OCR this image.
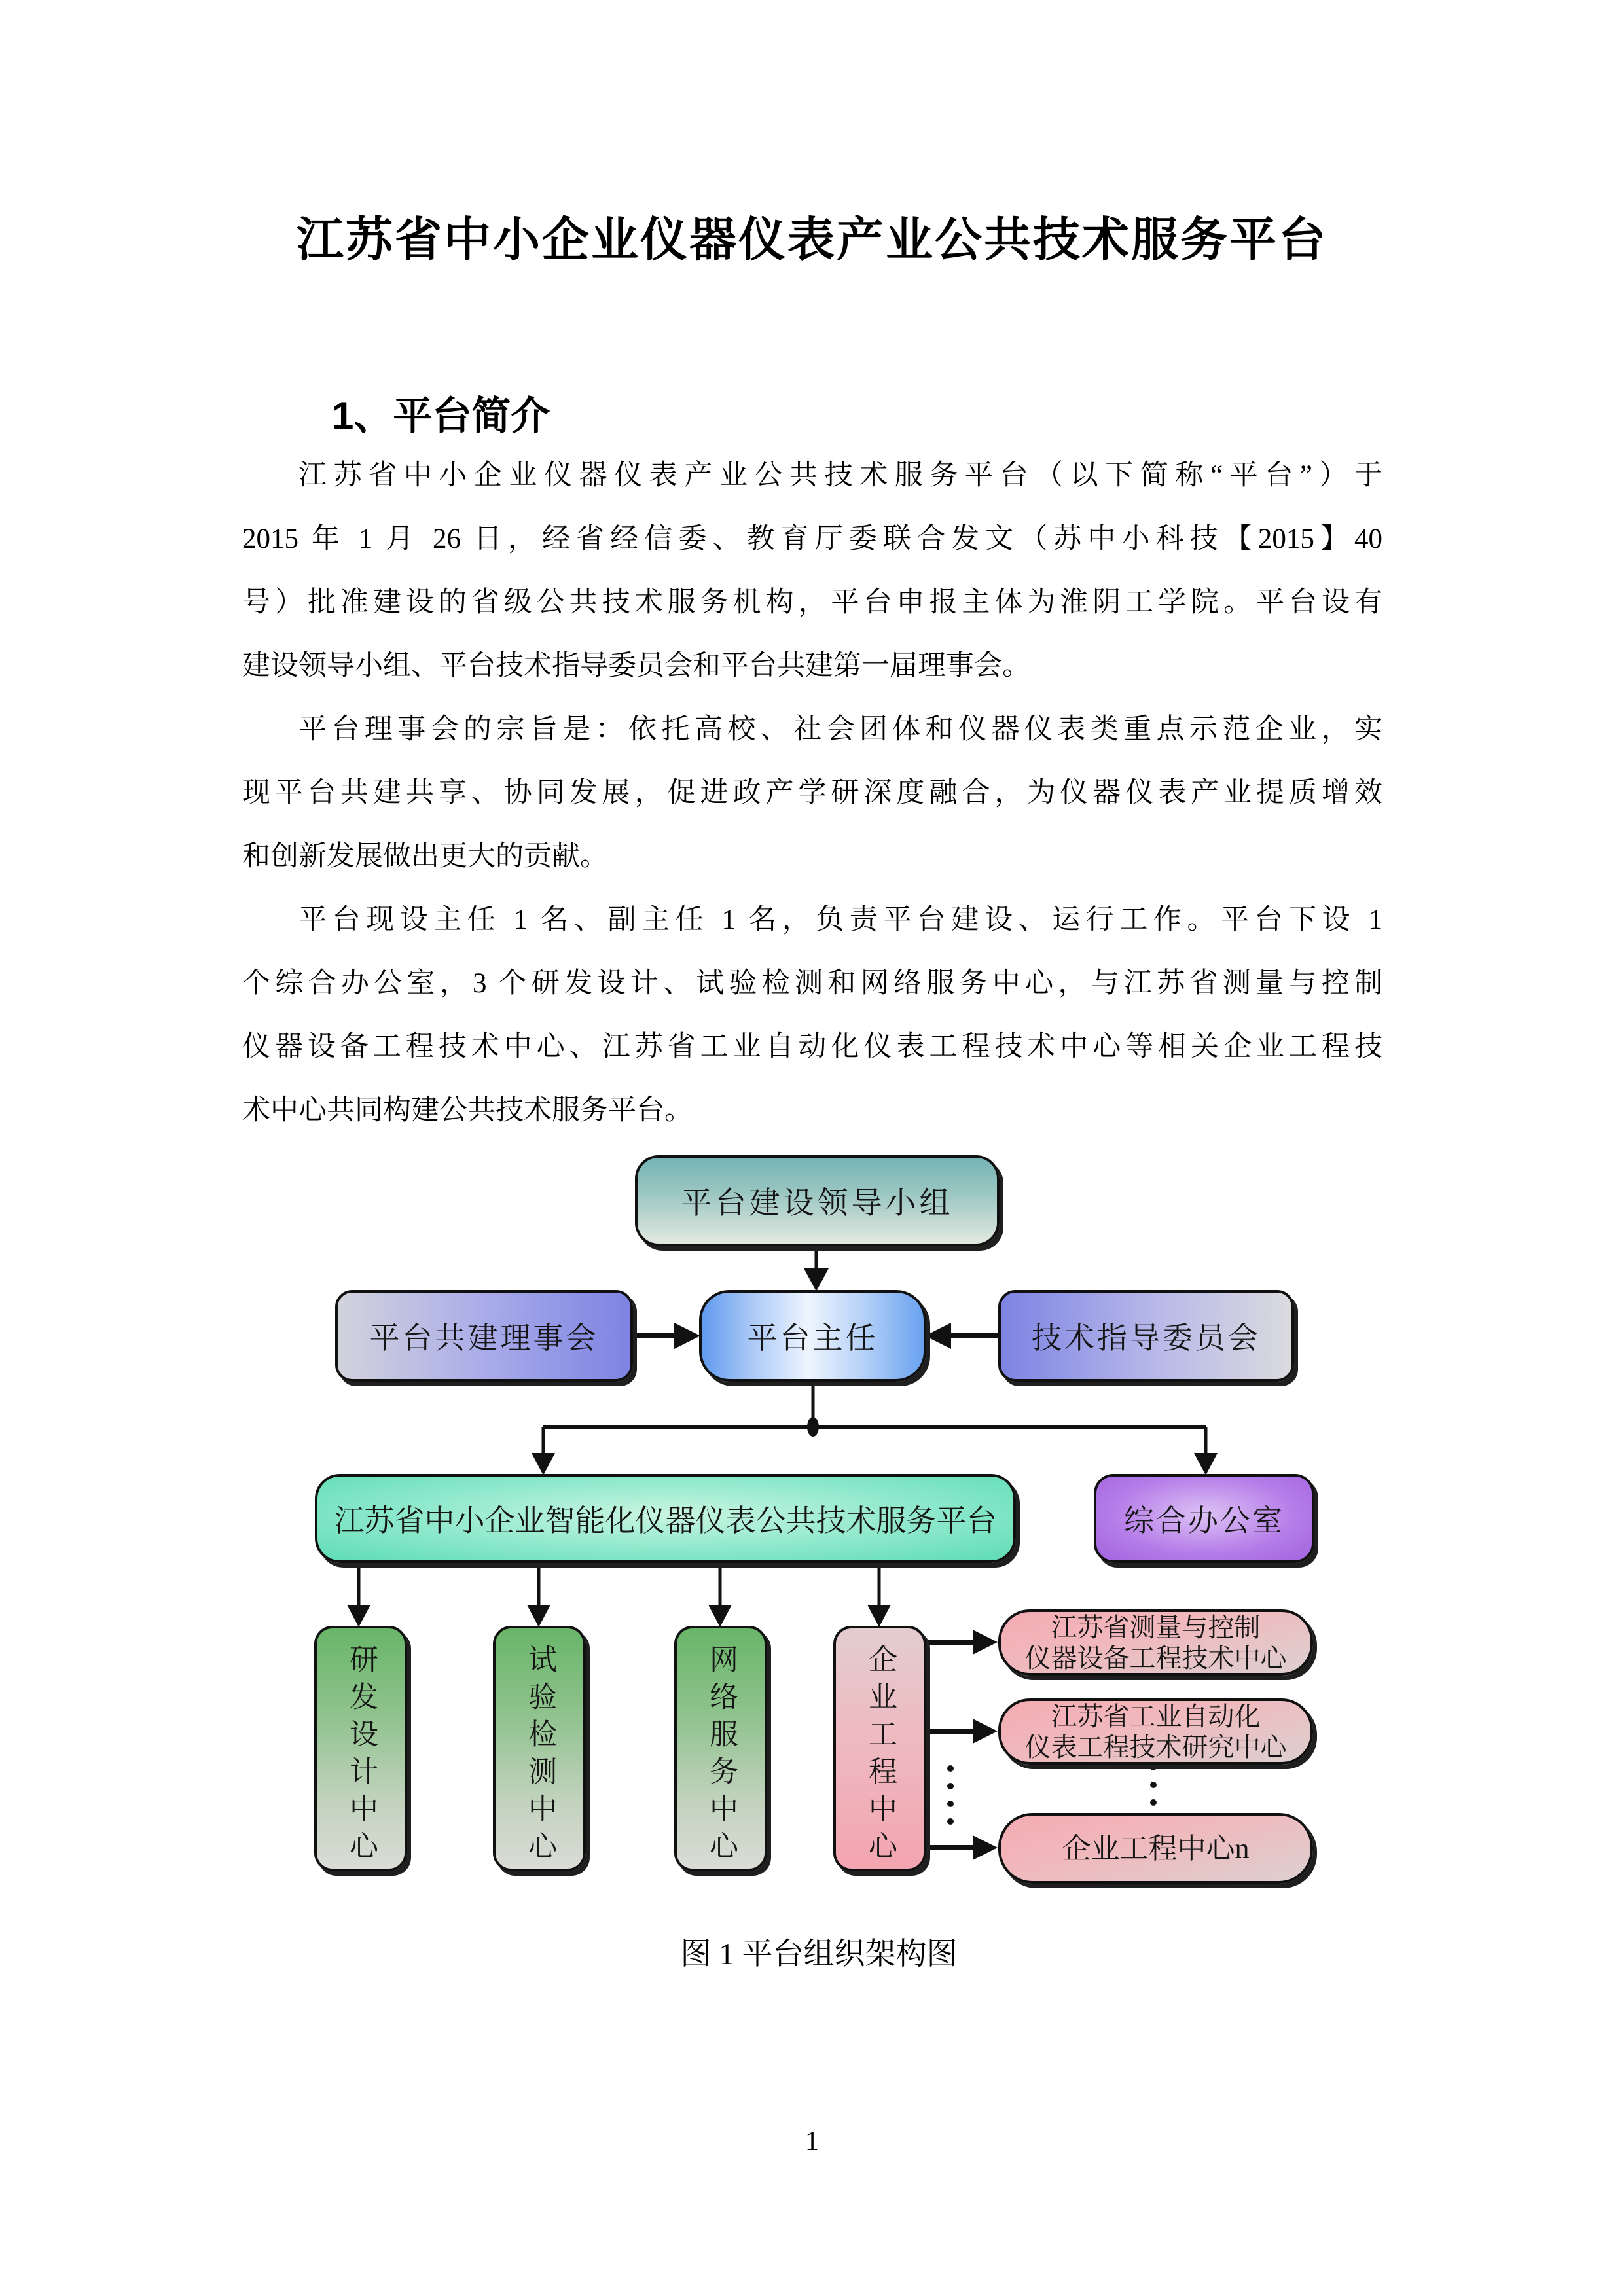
江苏省中小企业仪器仪表产业公共技术服务平台
1、平台简介
江苏省中小企业仪器仪表产业公共技术服务平台（以下简称“平台”）于
2015 年 1 月 26 日，经省经信委、教育厅委联合发文（苏中小科技【2015】40
号）批准建设的省级公共技术服务机构，平台申报主体为淮阴工学院。平台设有
建设领导小组、平台技术指导委员会和平台共建第一届理事会。
平台理事会的宗旨是：依托高校、社会团体和仪器仪表类重点示范企业，实
现平台共建共享、协同发展，促进政产学研深度融合，为仪器仪表产业提质增效
和创新发展做出更大的贡献。
平台现设主任 1 名、副主任 1 名，负责平台建设、运行工作。平台下设 1
个综合办公室，3 个研发设计、试验检测和网络服务中心，与江苏省测量与控制
仪器设备工程技术中心、江苏省工业自动化仪表工程技术中心等相关企业工程技
术中心共同构建公共技术服务平台。
平台建设领导小组
平台共建理事会	平台主任	技术指导委员会
江苏省中小企业智能化仪器仪表公共技术服务平台	综合办公室
研发设计中心	试验检测中心	网络服务中心	企业工程中心
江苏省测量与控制
仪器设备工程技术中心
江苏省工业自动化
仪表工程技术研究中心
企业工程中心n
图 1 平台组织架构图
1
